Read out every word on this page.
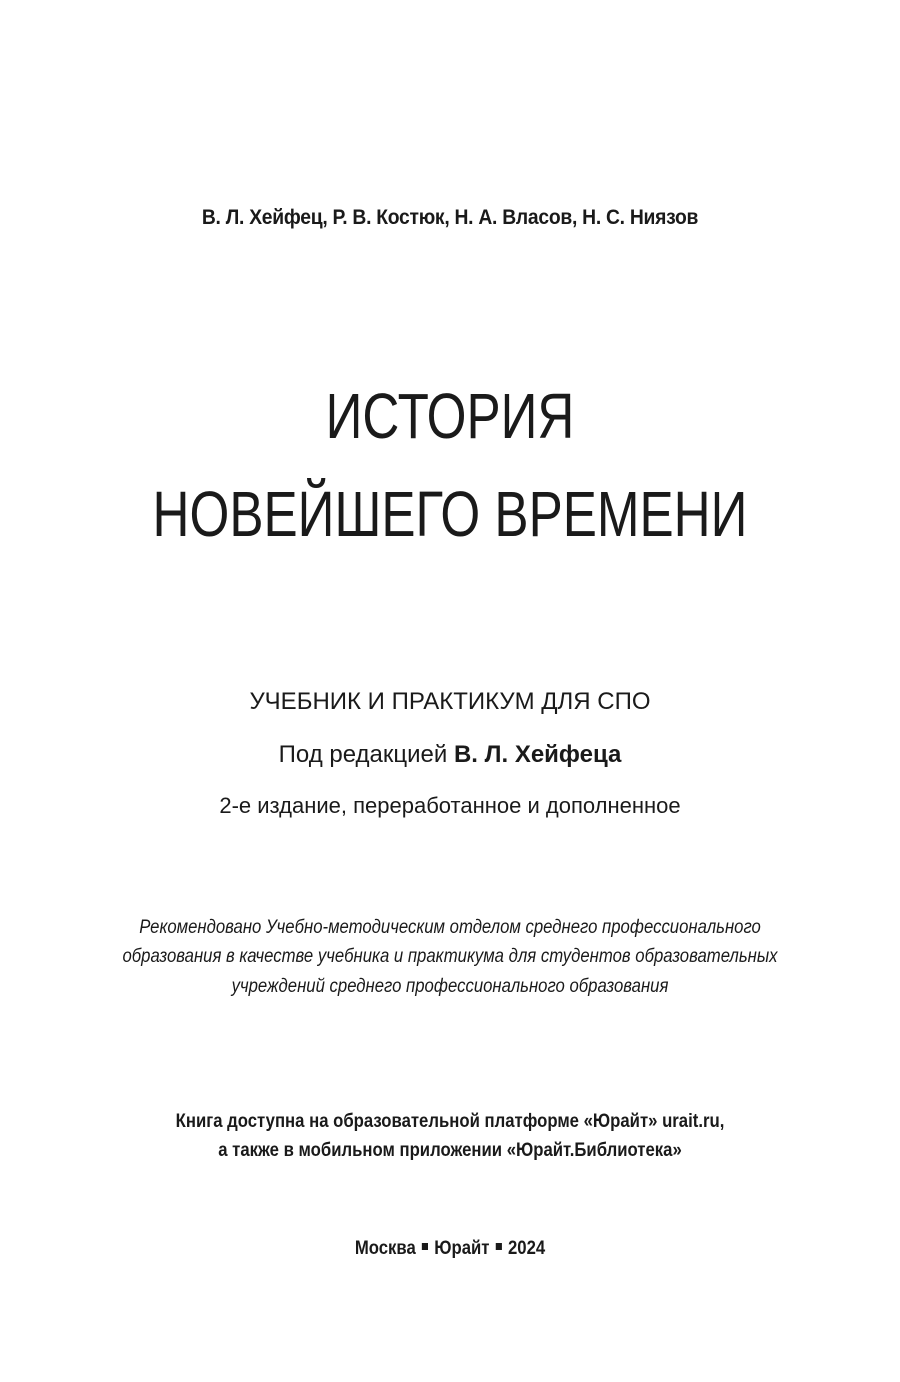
В. Л. Хейфец, Р. В. Костюк, Н. А. Власов, Н. С. Ниязов
ИСТОРИЯ
НОВЕЙШЕГО ВРЕМЕНИ
УЧЕБНИК И ПРАКТИКУМ ДЛЯ СПО
Под редакцией В. Л. Хейфеца
2-е издание, переработанное и дополненное
Рекомендовано Учебно-методическим отделом среднего профессионального
образования в качестве учебника и практикума для студентов образовательных
учреждений среднего профессионального образования
Книга доступна на образовательной платформе «Юрайт» urait.ru,
а также в мобильном приложении «Юрайт.Библиотека»
Москва Юрайт 2024
